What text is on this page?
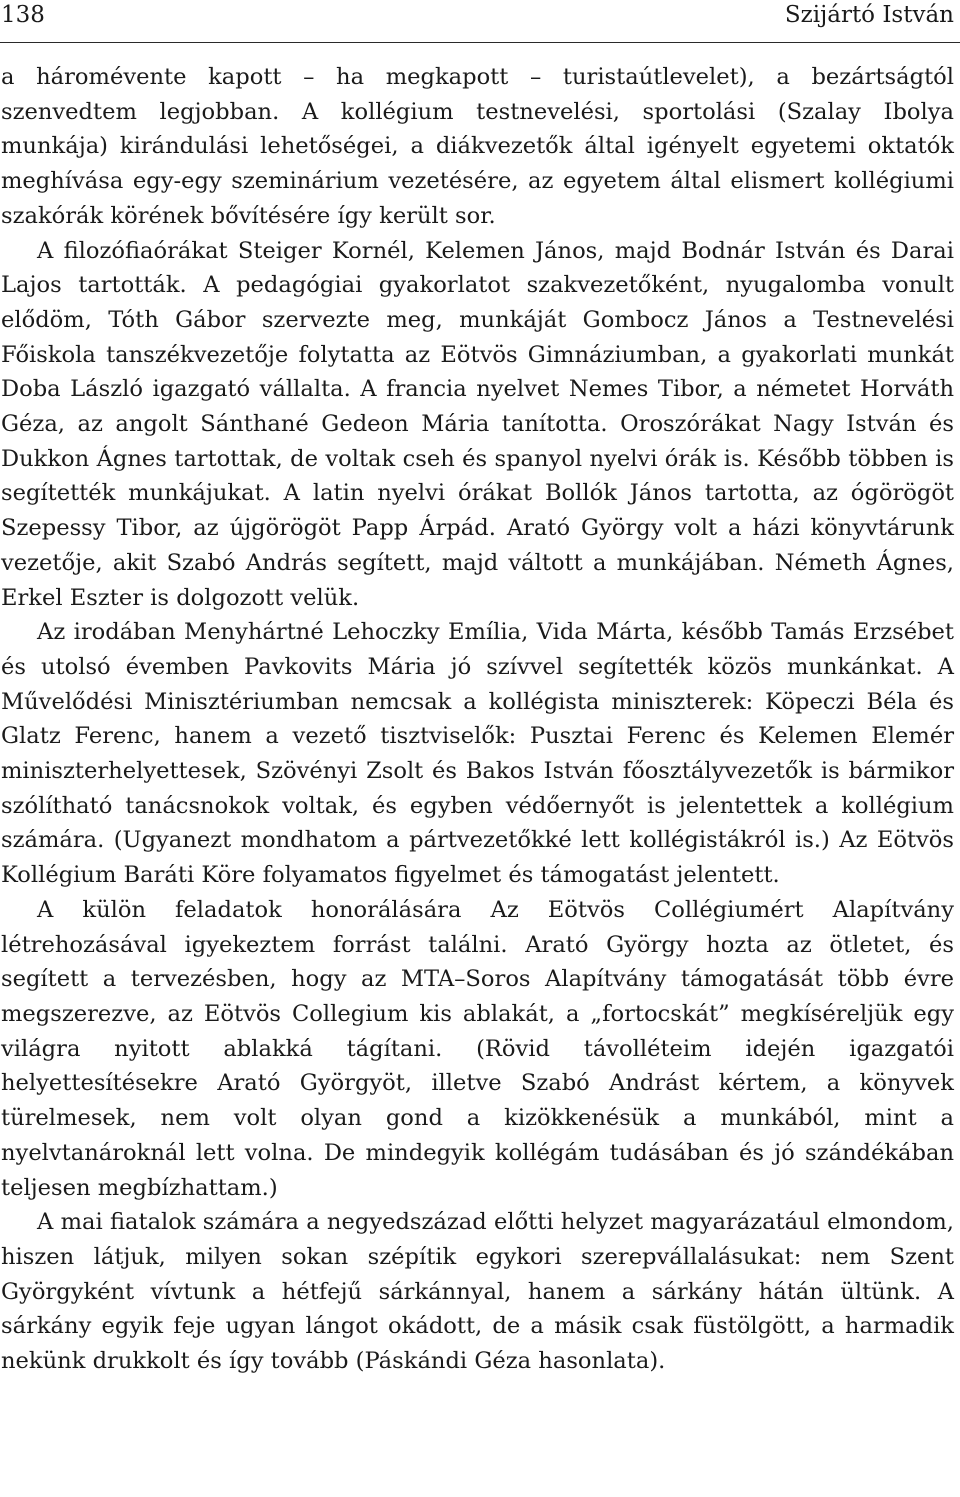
138	Szijártó István

a háromévente kapott – ha megkapott – turistaútlevelet), a bezártságtól szenvedtem legjobban. A kollégium testnevelési, sportolási (Szalay Ibolya munkája) kirándulási lehetőségei, a diákvezetők által igényelt egyetemi oktatók meghívása egy-egy szeminárium vezetésére, az egyetem által elismert kollégiumi szakórák körének bővítésére így került sor.

A filozófiaórákat Steiger Kornél, Kelemen János, majd Bodnár István és Darai Lajos tartották. A pedagógiai gyakorlatot szakvezetőként, nyugalomba vonult elődöm, Tóth Gábor szervezte meg, munkáját Gombocz János a Testnevelési Főiskola tanszékvezetője folytatta az Eötvös Gimnáziumban, a gyakorlati munkát Doba László igazgató vállalta. A francia nyelvet Nemes Tibor, a németet Horváth Géza, az angolt Sánthané Gedeon Mária tanította. Oroszórákat Nagy István és Dukkon Ágnes tartottak, de voltak cseh és spanyol nyelvi órák is. Később többen is segítették munkájukat. A latin nyelvi órákat Bollók János tartotta, az ógörögöt Szepessy Tibor, az újgörögöt Papp Árpád. Arató György volt a házi könyvtárunk vezetője, akit Szabó András segített, majd váltott a munkájában. Németh Ágnes, Erkel Eszter is dolgozott velük.

Az irodában Menyhártné Lehoczky Emília, Vida Márta, később Tamás Erzsébet és utolsó évemben Pavkovits Mária jó szívvel segítették közös munkánkat. A Művelődési Minisztériumban nemcsak a kollégista miniszterek: Köpeczi Béla és Glatz Ferenc, hanem a vezető tisztviselők: Pusztai Ferenc és Kelemen Elemér miniszterhelyettesek, Szövényi Zsolt és Bakos István főosztályvezetők is bármikor szólítható tanácsnokok voltak, és egyben védőernyőt is jelentettek a kollégium számára. (Ugyanezt mondhatom a pártvezetőkké lett kollégistákról is.) Az Eötvös Kollégium Baráti Köre folyamatos figyelmet és támogatást jelentett.

A külön feladatok honorálására Az Eötvös Collégiumért Alapítvány létrehozásával igyekeztem forrást találni. Arató György hozta az ötletet, és segített a tervezésben, hogy az MTA–Soros Alapítvány támogatását több évre megszerezve, az Eötvös Collegium kis ablakát, a „fortocskát” megkíséreljük egy világra nyitott ablakká tágítani. (Rövid távolléteim idején igazgatói helyettesítésekre Arató Györgyöt, illetve Szabó Andrást kértem, a könyvek türelmesek, nem volt olyan gond a kizökkenésük a munkából, mint a nyelvtanároknál lett volna. De mindegyik kollégám tudásában és jó szándékában teljesen megbízhattam.)

A mai fiatalok számára a negyedszázad előtti helyzet magyarázatául elmondom, hiszen látjuk, milyen sokan szépítik egykori szerepvállalásukat: nem Szent Györgyként vívtunk a hétfejű sárkánnyal, hanem a sárkány hátán ültünk. A sárkány egyik feje ugyan lángot okádott, de a másik csak füstölgött, a harmadik nekünk drukkolt és így tovább (Páskándi Géza hasonlata).
